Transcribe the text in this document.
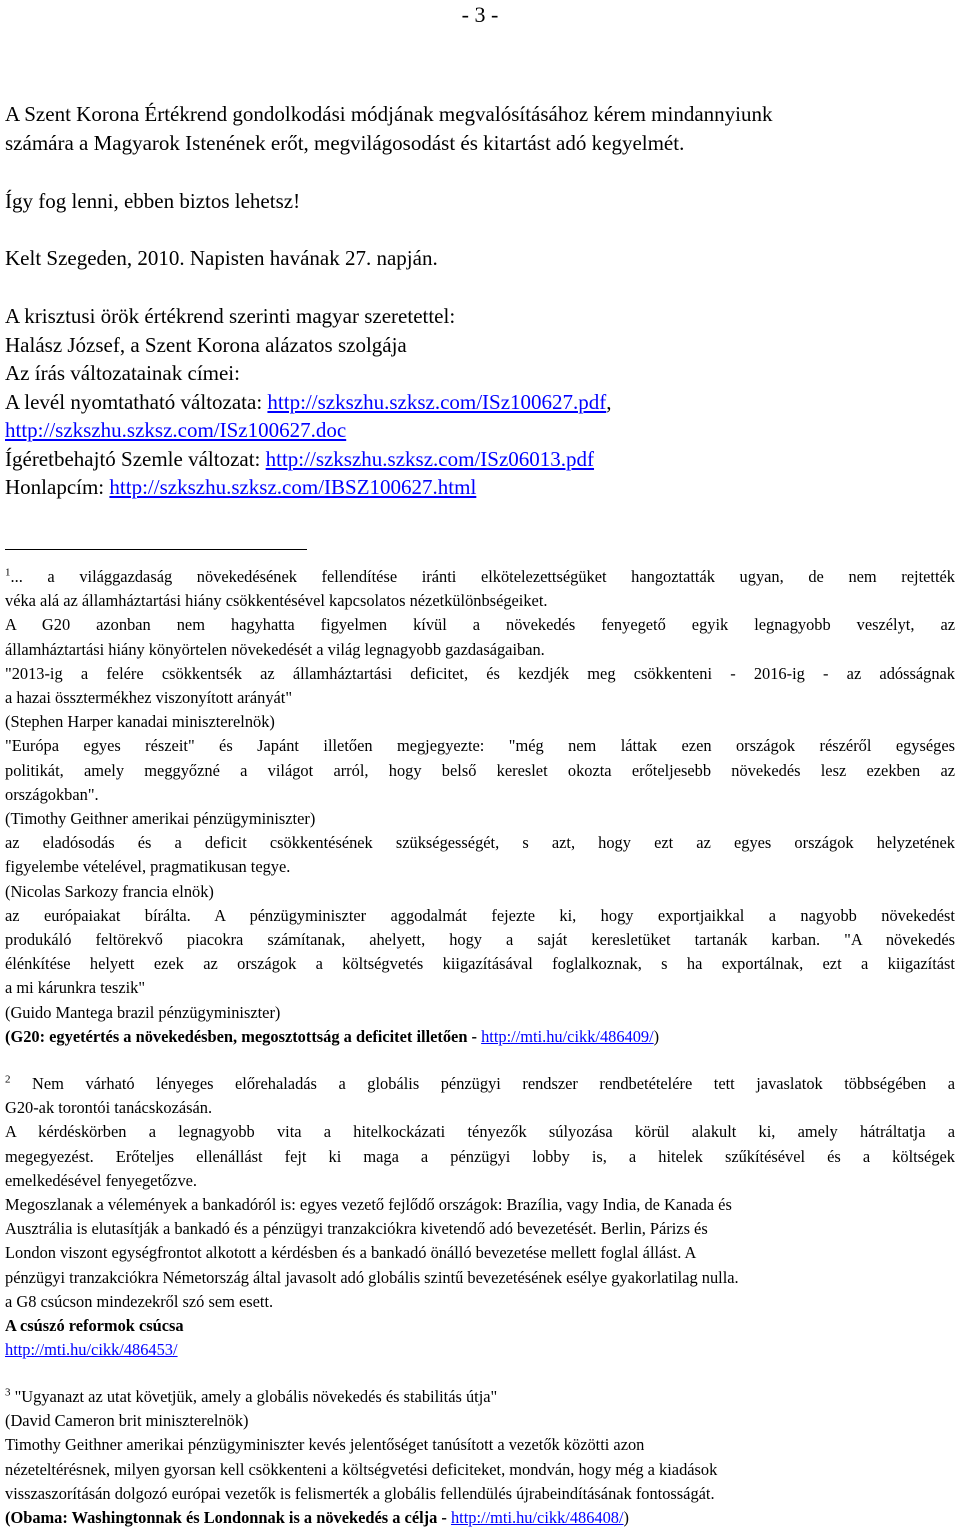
- 3 -
A Szent Korona Értékrend gondolkodási módjának megvalósításához kérem mindannyiunk
számára a Magyarok Istenének erőt, megvilágosodást és kitartást adó kegyelmét.
Így fog lenni, ebben biztos lehetsz!
Kelt Szegeden, 2010. Napisten havának 27. napján.
A krisztusi örök értékrend szerinti magyar szeretettel:
Halász József, a Szent Korona alázatos szolgája
Az írás változatainak címei:
A levél nyomtatható változata: http://szkszhu.szksz.com/ISz100627.pdf,
http://szkszhu.szksz.com/ISz100627.doc
Ígéretbehajtó Szemle változat: http://szkszhu.szksz.com/ISz06013.pdf
Honlapcím: http://szkszhu.szksz.com/IBSZ100627.html
$^1$... a világgazdaság növekedésének fellendítése iránti elkötelezettségüket hangoztatták ugyan, de nem rejtették
véka alá az államháztartási hiány csökkentésével kapcsolatos nézetkülönbségeiket.
A G20 azonban nem hagyhatta figyelmen kívül a növekedés fenyegető egyik legnagyobb veszélyt, az
államháztartási hiány könyörtelen növekedését a világ legnagyobb gazdaságaiban.
"2013-ig a felére csökkentsék az államháztartási deficitet, és kezdjék meg csökkenteni - 2016-ig - az adósságnak
a hazai össztermékhez viszonyított arányát"
(Stephen Harper kanadai miniszterelnök)
"Európa egyes részeit" és Japánt illetően megjegyezte: "még nem láttak ezen országok részéről egységes
politikát, amely meggyőzné a világot arról, hogy belső kereslet okozta erőteljesebb növekedés lesz ezekben az
országokban".
(Timothy Geithner amerikai pénzügyminiszter)
az eladósodás és a deficit csökkentésének szükségességét, s azt, hogy ezt az egyes országok helyzetének
figyelembe vételével, pragmatikusan tegye.
(Nicolas Sarkozy francia elnök)
az európaiakat bírálta. A pénzügyminiszter aggodalmát fejezte ki, hogy exportjaikkal a nagyobb növekedést
produkáló feltörekvő piacokra számítanak, ahelyett, hogy a saját keresletüket tartanák karban. "A növekedés
élénkítése helyett ezek az országok a költségvetés kiigazításával foglalkoznak, s ha exportálnak, ezt a kiigazítást
a mi kárunkra teszik"
(Guido Mantega brazil pénzügyminiszter)
(G20: egyetértés a növekedésben, megosztottság a deficitet illetően - http://mti.hu/cikk/486409/)
$^2$ Nem várható lényeges előrehaladás a globális pénzügyi rendszer rendbetételére tett javaslatok többségében a
G20-ak torontói tanácskozásán.
A kérdéskörben a legnagyobb vita a hitelkockázati tényezők súlyozása körül alakult ki, amely hátráltatja a
megegyezést. Erőteljes ellenállást fejt ki maga a pénzügyi lobby is, a hitelek szűkítésével és a költségek
emelkedésével fenyegetőzve.
Megoszlanak a vélemények a bankadóról is: egyes vezető fejlődő országok: Brazília, vagy India, de Kanada és
Ausztrália is elutasítják a bankadó és a pénzügyi tranzakciókra kivetendő adó bevezetését. Berlin, Párizs és
London viszont egységfrontot alkotott a kérdésben és a bankadó önálló bevezetése mellett foglal állást. A
pénzügyi tranzakciókra Németország által javasolt adó globális szintű bevezetésének esélye gyakorlatilag nulla.
a G8 csúcson mindezekről szó sem esett.
A csúszó reformok csúcsa
http://mti.hu/cikk/486453/
$^3$ "Ugyanazt az utat követjük, amely a globális növekedés és stabilitás útja"
(David Cameron brit miniszterelnök)
Timothy Geithner amerikai pénzügyminiszter kevés jelentőséget tanúsított a vezetők közötti azon
nézeteltérésnek, milyen gyorsan kell csökkenteni a költségvetési deficiteket, mondván, hogy még a kiadások
visszaszorításán dolgozó európai vezetők is felismerték a globális fellendülés újrabeindításának fontosságát.
(Obama: Washingtonnak és Londonnak is a növekedés a célja - http://mti.hu/cikk/486408/)
